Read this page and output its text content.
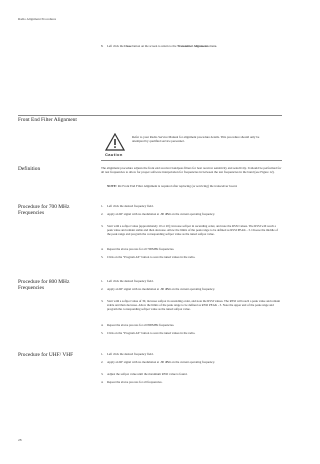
Radio Alignment Procedures
8. Left click the Close button on the screen to return to the Transmitter Alignments menu.
Front End Filter Alignment
Caution
Refer to your Radio Service Manual for alignment procedure details. This procedure should only be attempted by qualified service personnel.
Definition	The alignment procedure adjusts the front end receiver bandpass filters for best receiver sensitivity and selectivity. It should be performed for all test frequencies to allow for proper software interpolation for frequencies in between the test frequencies in the band (see Figure 12).
NOTE: Rx Front End Filter Alignment is required after replacing (or servicing) the transceiver board.
Procedure for 700 MHz Frequencies
1. Left click the desired frequency field.
2. Apply an RF signal with no modulation at -80 dBm on the current operating frequency.
3. Start with a softpot value (approximately 10 or 20); increase softpot in ascending order, and note the RSSI values. The RSSI will reach a peak value and remain stable and then decrease. Allow the limits of the peak range to be defined as RSSI PEAK - 3. Choose the middle of the peak range and program the corresponding softpot value as the tuned softpot value.
4. Repeat the above process for all 700MHz frequencies.
5. Click on the "Program All" button to save the tuned values in the radio.
Procedure for 800 MHz Frequencies
1. Left click the desired frequency field.
2. Apply an RF signal with no modulation at -80 dBm on the current operating frequency.
3. Start with a softpot value of 30, increase softpot in ascending order, and note the RSSI values. The RSSI will reach a peak value and remain stable and then decrease. Allow the limits of the peak range to be defined as RSSI PEAK - 3. Note the upper end of the peak range and program the corresponding softpot value as the tuned softpot value.
4. Repeat the above process for all 800MHz frequencies.
5. Click on the "Program All" button to save the tuned values in the radio.
Procedure for UHF/ VHF	1. Left click the desired frequency field.
2. Apply an RF signal with no modulation at -80 dBm on the current operating frequency.
3. Adjust the softpot value until the maximum RSSI value is found.
4. Repeat the above process for all frequencies.
28
